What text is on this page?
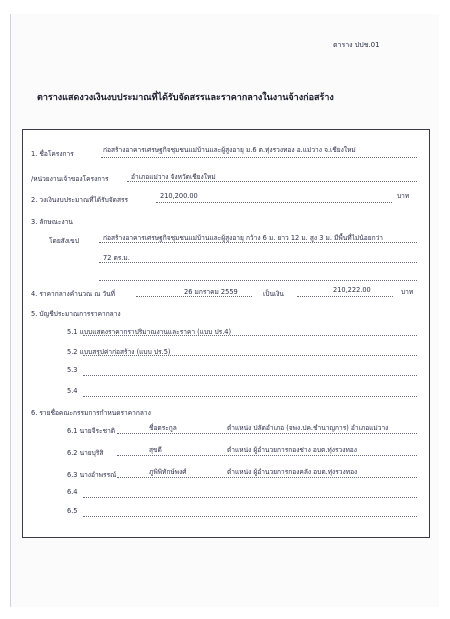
ตาราง ปปช.01
ตารางแสดงวงเงินงบประมาณที่ได้รับจัดสรรและราคากลางในงานจ้างก่อสร้าง
1. ชื่อโครงการ	ก่อสร้างอาคารเศรษฐกิจชุมชนแม่บ้านและผู้สูงอายุ ม.6 ต.ทุ่งรวงทอง อ.แม่วาง จ.เชียงใหม่
/หน่วยงานเจ้าของโครงการ	อำเภอแม่วาง จังหวัดเชียงใหม่
2. วงเงินงบประมาณที่ได้รับจัดสรร	210,200.00	บาท
3. ลักษณะงาน
โดยสังเขป	ก่อสร้างอาคารเศรษฐกิจชุมชนแม่บ้านและผู้สูงอายุ กว้าง 6 ม. ยาว 12 ม. สูง 3 ม. มีพื้นที่ไม่น้อยกว่า
72 ตร.ม.
4. ราคากลางคำนวณ ณ วันที่	26 มกราคม 2559	เป็นเงิน	210,222.00	บาท
5. บัญชีประมาณการราคากลาง
5.1 แบบแสดงราคากราปริมาณงานและราคา (แบบ ปร.4)
5.2 แบบสรุปค่าก่อสร้าง (แบบ ปร.5)
5.3
5.4
6. รายชื่อคณะกรรมการกำหนดราคากลาง
6.1 นายจีระชาติ	ชื่อตระกูล	ตำแหน่ง ปลัดอำเภอ (จพง.ปค.ชำนาญการ) อำเภอแม่วาง
6.2 นายบุริสิ	สุขดี	ตำแหน่ง ผู้อำนวยการกองช่าง อบต.ทุ่งรวงทอง
6.3 นางอำพรรณ์	ภูพิพิทักษ์พงศ์	ตำแหน่ง ผู้อำนวยการกองคลัง อบต.ทุ่งรวงทอง
6.4
6.5
